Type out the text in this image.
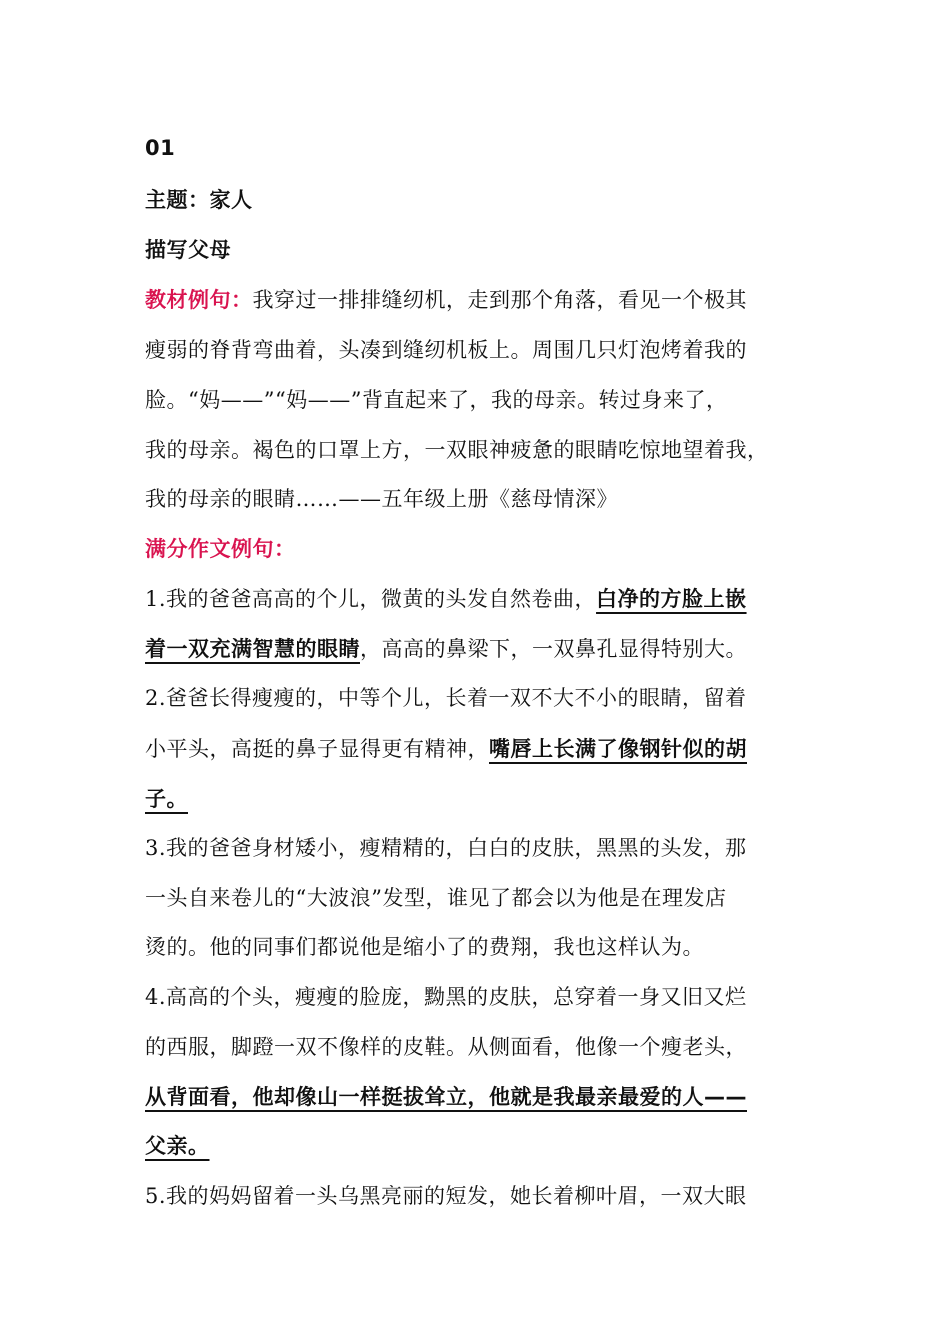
01
主题：家人
描写父母
教材例句：我穿过一排排缝纫机，走到那个角落，看见一个极其
瘦弱的脊背弯曲着，头凑到缝纫机板上。周围几只灯泡烤着我的
脸。“妈——”“妈——”背直起来了，我的母亲。转过身来了，
我的母亲。褐色的口罩上方，一双眼神疲惫的眼睛吃惊地望着我，
我的母亲的眼睛……——五年级上册《慈母情深》
满分作文例句：
1.我的爸爸高高的个儿，微黄的头发自然卷曲，白净的方脸上嵌
着一双充满智慧的眼睛，高高的鼻梁下，一双鼻孔显得特别大。
2.爸爸长得瘦瘦的，中等个儿，长着一双不大不小的眼睛，留着
小平头，高挺的鼻子显得更有精神，嘴唇上长满了像钢针似的胡
子。
3.我的爸爸身材矮小，瘦精精的，白白的皮肤，黑黑的头发，那
一头自来卷儿的“大波浪”发型，谁见了都会以为他是在理发店
烫的。他的同事们都说他是缩小了的费翔，我也这样认为。
4.高高的个头，瘦瘦的脸庞，黝黑的皮肤，总穿着一身又旧又烂
的西服，脚蹬一双不像样的皮鞋。从侧面看，他像一个瘦老头，
从背面看，他却像山一样挺拔耸立，他就是我最亲最爱的人——
父亲。
5.我的妈妈留着一头乌黑亮丽的短发，她长着柳叶眉，一双大眼
